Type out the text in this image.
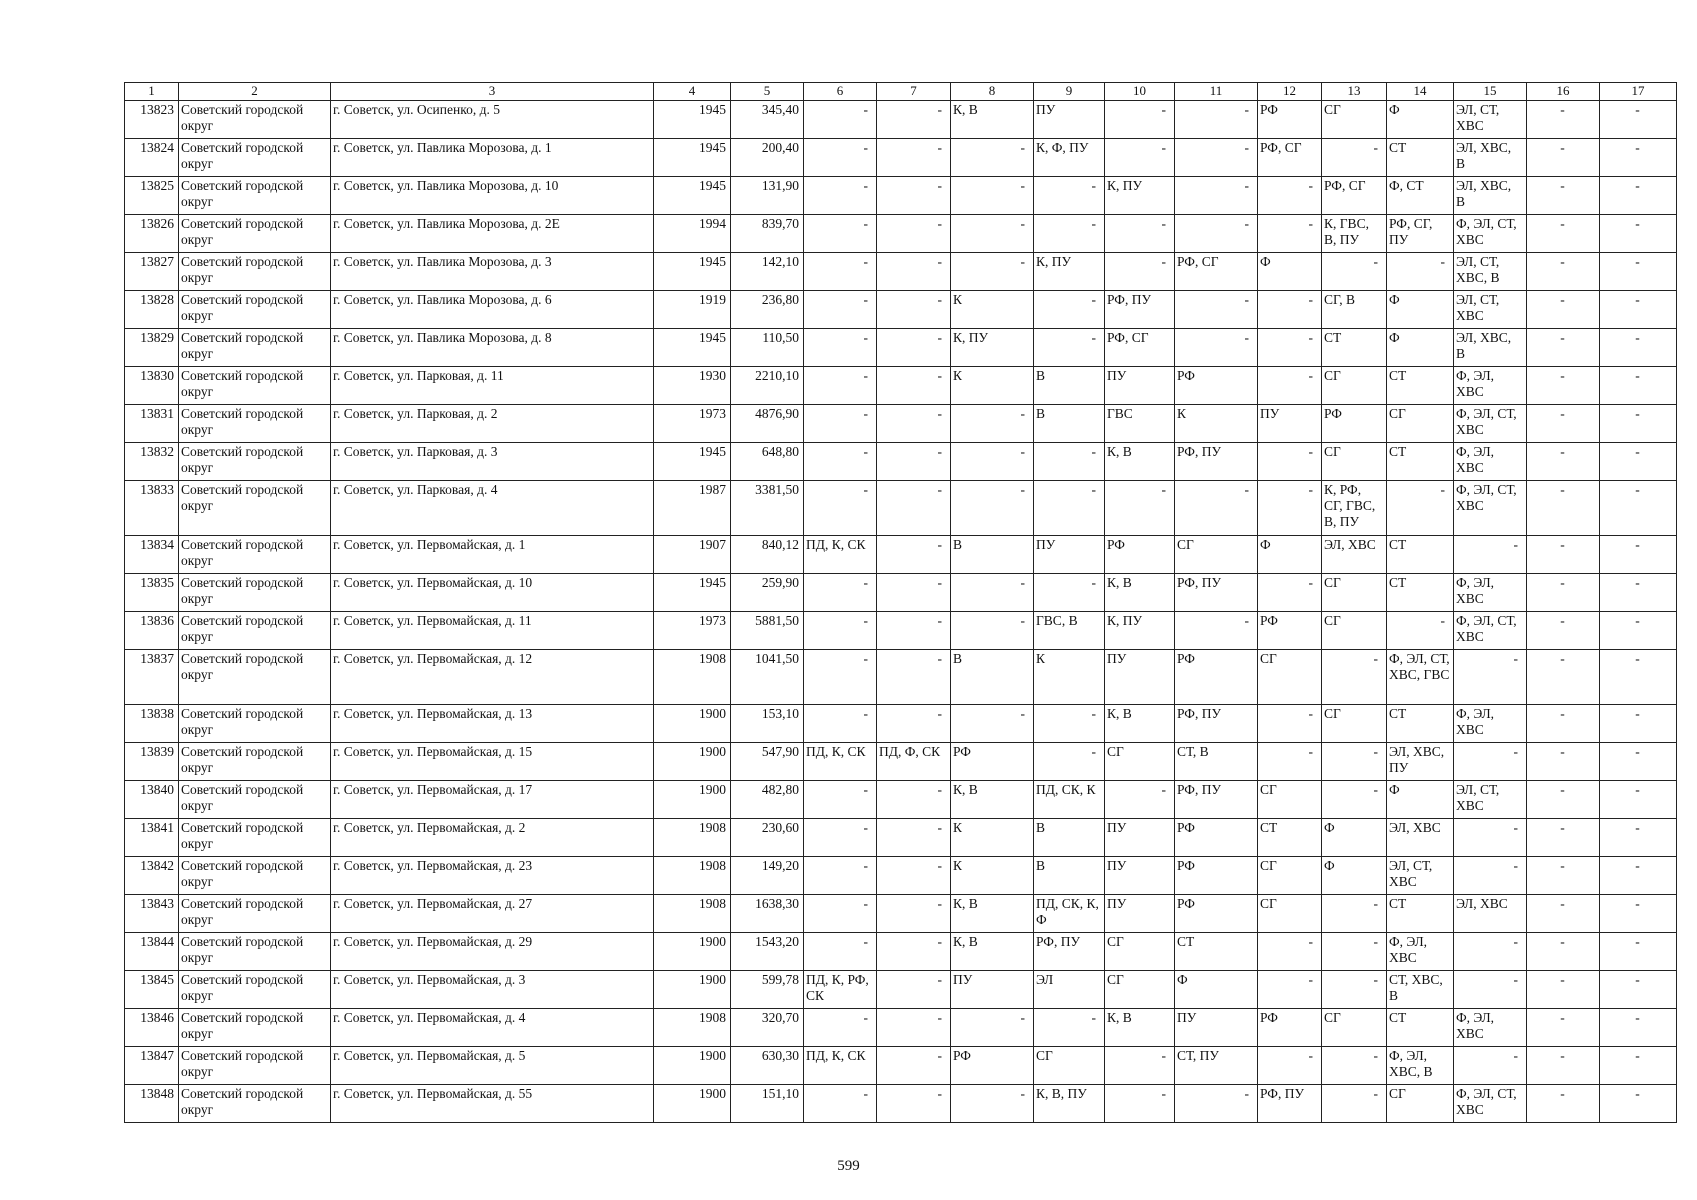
1	2	3	4	5	6	7	8	9	10	11	12	13	14	15	16	17
13823	Советский городской округ	г. Советск, ул. Осипенко, д. 5	1945	345,40	-	-	К, В	ПУ	-	-	РФ	СГ	Ф	ЭЛ, СТ, ХВС	-	-
13824	Советский городской округ	г. Советск, ул. Павлика Морозова, д. 1	1945	200,40	-	-	-	К, Ф, ПУ	-	-	РФ, СГ	-	СТ	ЭЛ, ХВС, В	-	-
13825	Советский городской округ	г. Советск, ул. Павлика Морозова, д. 10	1945	131,90	-	-	-	-	К, ПУ	-	-	РФ, СГ	Ф, СТ	ЭЛ, ХВС, В	-	-
13826	Советский городской округ	г. Советск, ул. Павлика Морозова, д. 2Е	1994	839,70	-	-	-	-	-	-	-	К, ГВС, В, ПУ	РФ, СГ, ПУ	Ф, ЭЛ, СТ, ХВС	-	-
13827	Советский городской округ	г. Советск, ул. Павлика Морозова, д. 3	1945	142,10	-	-	-	К, ПУ	-	РФ, СГ	Ф	-	-	ЭЛ, СТ, ХВС, В	-	-
13828	Советский городской округ	г. Советск, ул. Павлика Морозова, д. 6	1919	236,80	-	-	К	-	РФ, ПУ	-	-	СГ, В	Ф	ЭЛ, СТ, ХВС	-	-
13829	Советский городской округ	г. Советск, ул. Павлика Морозова, д. 8	1945	110,50	-	-	К, ПУ	-	РФ, СГ	-	-	СТ	Ф	ЭЛ, ХВС, В	-	-
13830	Советский городской округ	г. Советск, ул. Парковая, д. 11	1930	2210,10	-	-	К	В	ПУ	РФ	-	СГ	СТ	Ф, ЭЛ, ХВС	-	-
13831	Советский городской округ	г. Советск, ул. Парковая, д. 2	1973	4876,90	-	-	-	В	ГВС	К	ПУ	РФ	СГ	Ф, ЭЛ, СТ, ХВС	-	-
13832	Советский городской округ	г. Советск, ул. Парковая, д. 3	1945	648,80	-	-	-	-	К, В	РФ, ПУ	-	СГ	СТ	Ф, ЭЛ, ХВС	-	-
13833	Советский городской округ	г. Советск, ул. Парковая, д. 4	1987	3381,50	-	-	-	-	-	-	-	К, РФ, СГ, ГВС, В, ПУ	-	Ф, ЭЛ, СТ, ХВС	-	-
13834	Советский городской округ	г. Советск, ул. Первомайская, д. 1	1907	840,12	ПД, К, СК	-	В	ПУ	РФ	СГ	Ф	ЭЛ, ХВС	СТ	-	-	-
13835	Советский городской округ	г. Советск, ул. Первомайская, д. 10	1945	259,90	-	-	-	-	К, В	РФ, ПУ	-	СГ	СТ	Ф, ЭЛ, ХВС	-	-
13836	Советский городской округ	г. Советск, ул. Первомайская, д. 11	1973	5881,50	-	-	-	ГВС, В	К, ПУ	-	РФ	СГ	-	Ф, ЭЛ, СТ, ХВС	-	-
13837	Советский городской округ	г. Советск, ул. Первомайская, д. 12	1908	1041,50	-	-	В	К	ПУ	РФ	СГ	-	Ф, ЭЛ, СТ, ХВС, ГВС	-	-	-
13838	Советский городской округ	г. Советск, ул. Первомайская, д. 13	1900	153,10	-	-	-	-	К, В	РФ, ПУ	-	СГ	СТ	Ф, ЭЛ, ХВС	-	-
13839	Советский городской округ	г. Советск, ул. Первомайская, д. 15	1900	547,90	ПД, К, СК	ПД, Ф, СК	РФ	-	СГ	СТ, В	-	-	ЭЛ, ХВС, ПУ	-	-	-
13840	Советский городской округ	г. Советск, ул. Первомайская, д. 17	1900	482,80	-	-	К, В	ПД, СК, К	-	РФ, ПУ	СГ	-	Ф	ЭЛ, СТ, ХВС	-	-
13841	Советский городской округ	г. Советск, ул. Первомайская, д. 2	1908	230,60	-	-	К	В	ПУ	РФ	СТ	Ф	ЭЛ, ХВС	-	-	-
13842	Советский городской округ	г. Советск, ул. Первомайская, д. 23	1908	149,20	-	-	К	В	ПУ	РФ	СГ	Ф	ЭЛ, СТ, ХВС	-	-	-
13843	Советский городской округ	г. Советск, ул. Первомайская, д. 27	1908	1638,30	-	-	К, В	ПД, СК, К, Ф	ПУ	РФ	СГ	-	СТ	ЭЛ, ХВС	-	-
13844	Советский городской округ	г. Советск, ул. Первомайская, д. 29	1900	1543,20	-	-	К, В	РФ, ПУ	СГ	СТ	-	-	Ф, ЭЛ, ХВС	-	-	-
13845	Советский городской округ	г. Советск, ул. Первомайская, д. 3	1900	599,78	ПД, К, РФ, СК	-	ПУ	ЭЛ	СГ	Ф	-	-	СТ, ХВС, В	-	-	-
13846	Советский городской округ	г. Советск, ул. Первомайская, д. 4	1908	320,70	-	-	-	-	К, В	ПУ	РФ	СГ	СТ	Ф, ЭЛ, ХВС	-	-
13847	Советский городской округ	г. Советск, ул. Первомайская, д. 5	1900	630,30	ПД, К, СК	-	РФ	СГ	-	СТ, ПУ	-	-	Ф, ЭЛ, ХВС, В	-	-	-
13848	Советский городской округ	г. Советск, ул. Первомайская, д. 55	1900	151,10	-	-	-	К, В, ПУ	-	-	РФ, ПУ	-	СГ	Ф, ЭЛ, СТ, ХВС	-	-
599
